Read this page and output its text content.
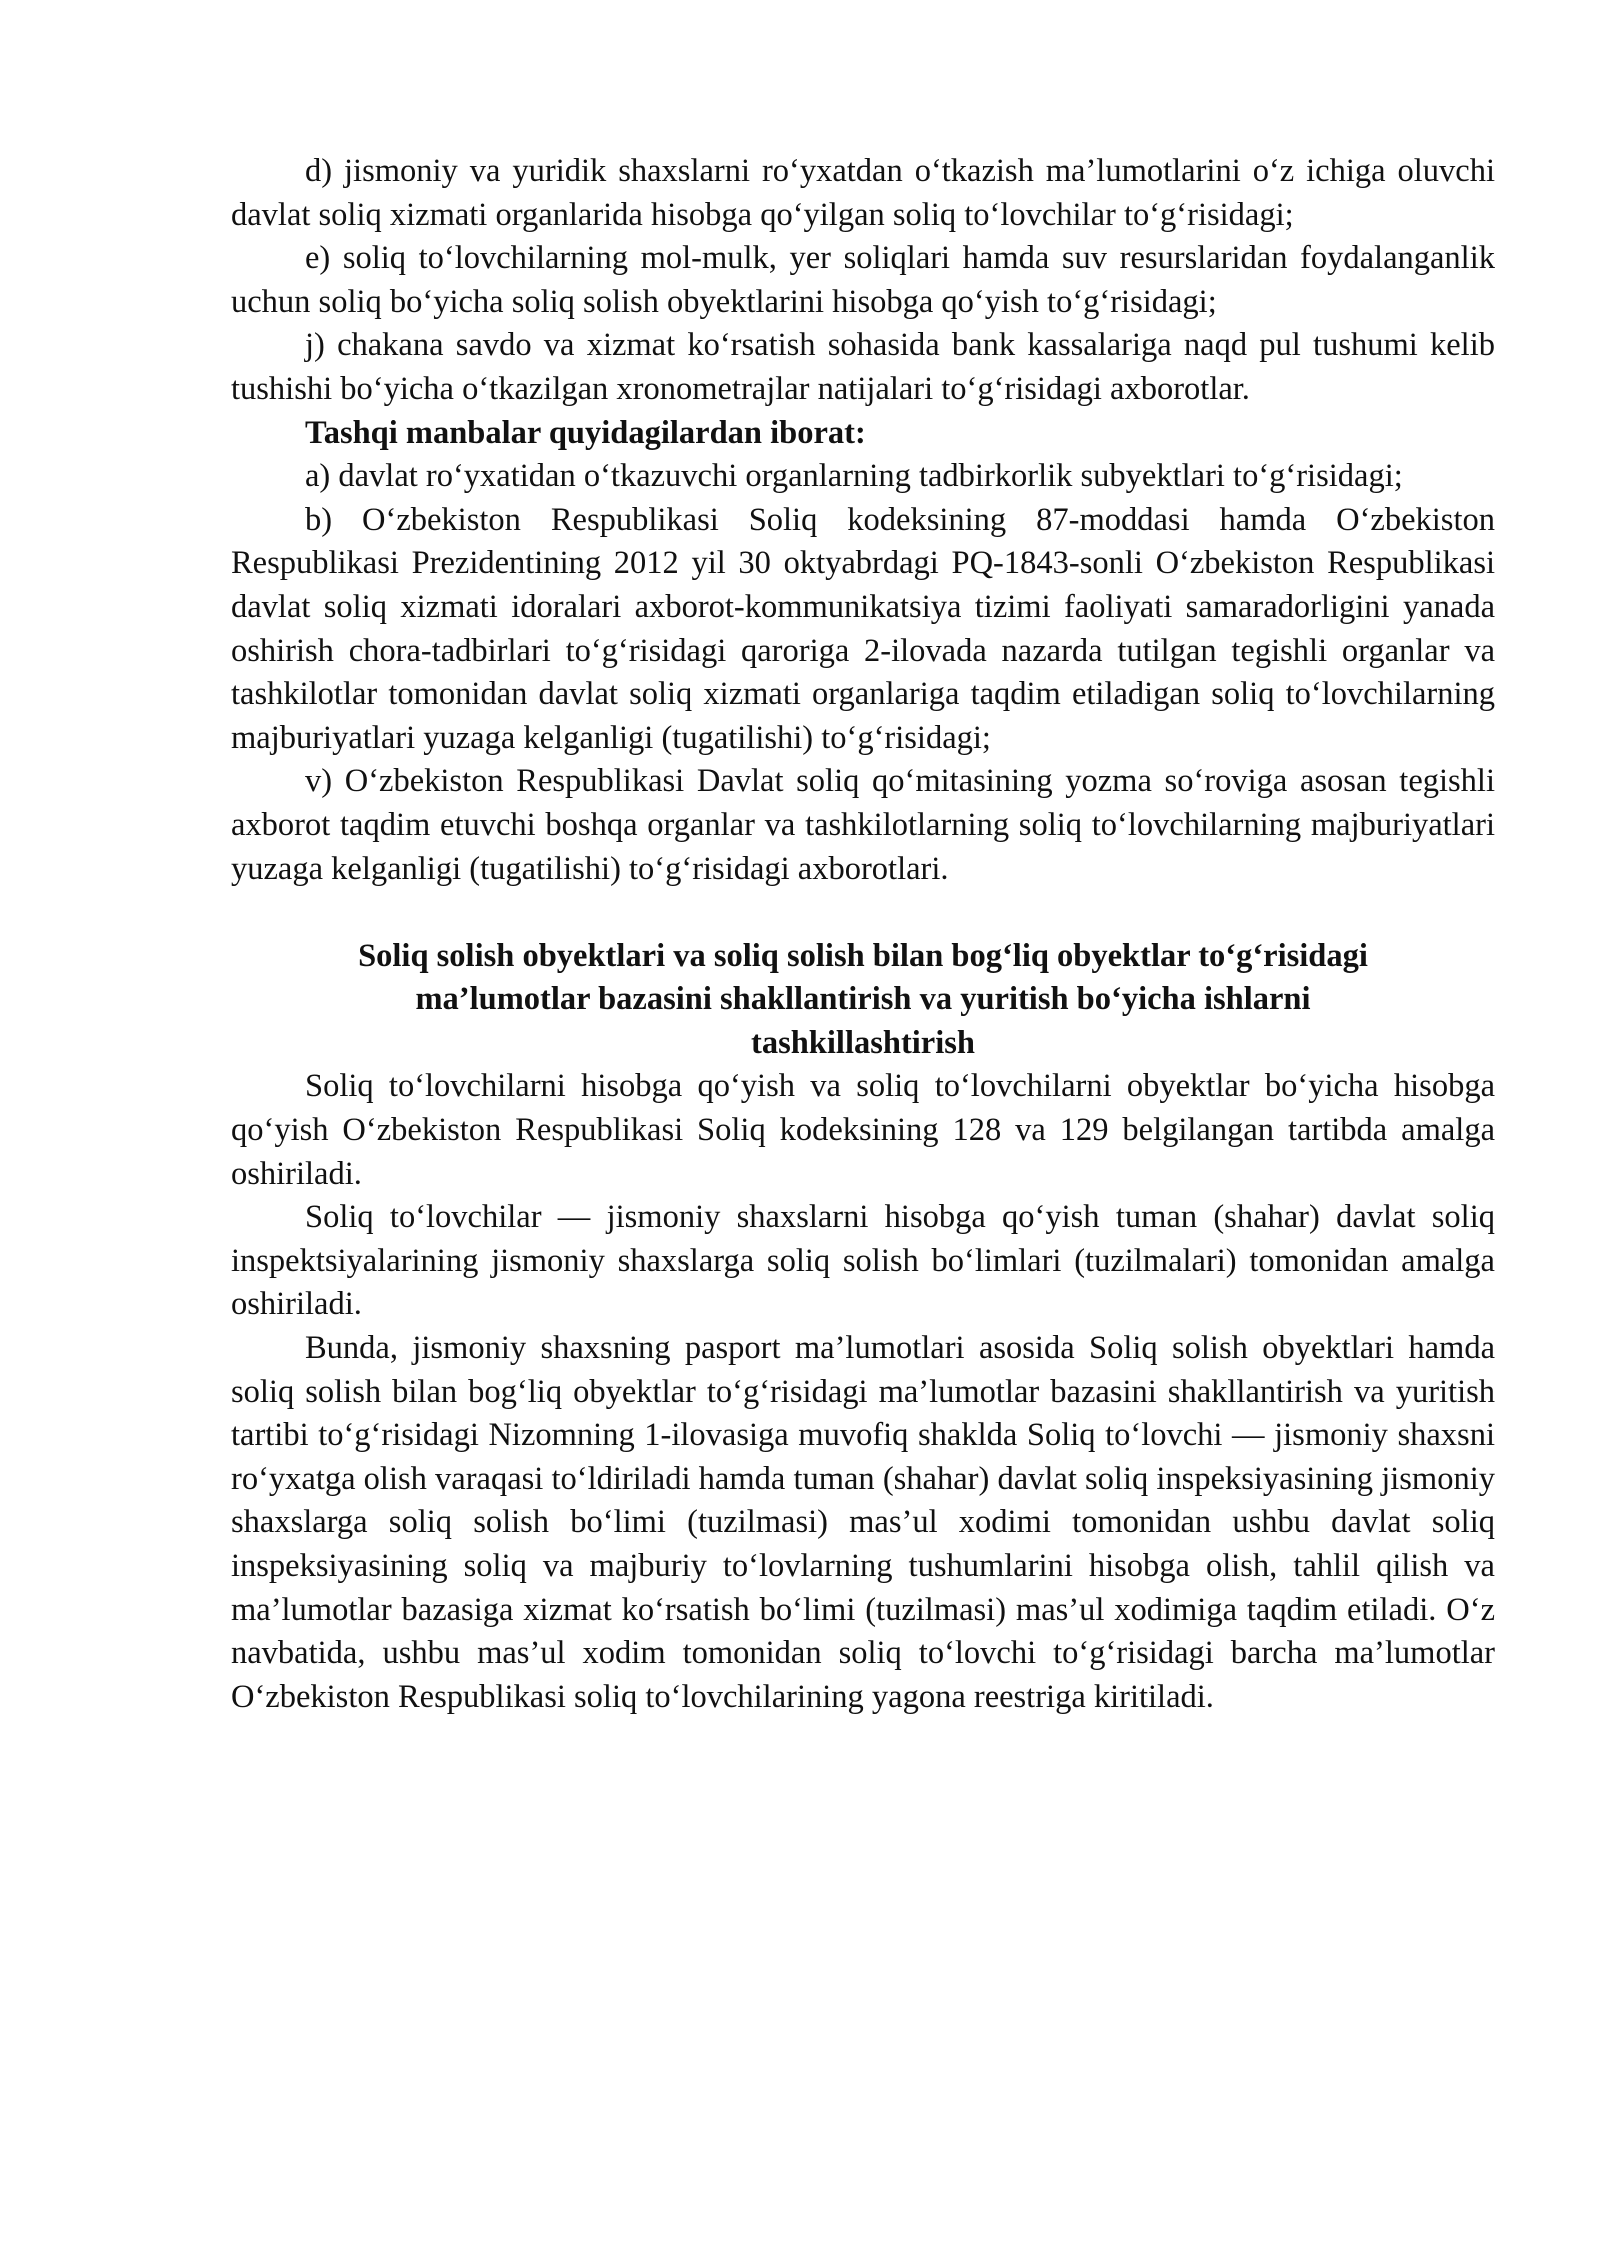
d) jismoniy va yuridik shaxslarni ro‘yxatdan o‘tkazish ma’lumotlarini o‘z ichiga oluvchi davlat soliq xizmati organlarida hisobga qo‘yilgan soliq to‘lovchilar to‘g‘risidagi;

e) soliq to‘lovchilarning mol-mulk, yer soliqlari hamda suv resurslaridan foydalanganlik uchun soliq bo‘yicha soliq solish obyektlarini hisobga qo‘yish to‘g‘risidagi;

j) chakana savdo va xizmat ko‘rsatish sohasida bank kassalariga naqd pul tushumi kelib tushishi bo‘yicha o‘tkazilgan xronometrajlar natijalari to‘g‘risidagi axborotlar.

Tashqi manbalar quyidagilardan iborat:

a) davlat ro‘yxatidan o‘tkazuvchi organlarning tadbirkorlik subyektlari to‘g‘risidagi;

b) O‘zbekiston Respublikasi Soliq kodeksining 87-moddasi hamda O‘zbekiston Respublikasi Prezidentining 2012 yil 30 oktyabrdagi PQ-1843-sonli O‘zbekiston Respublikasi davlat soliq xizmati idoralari axborot-kommunikatsiya tizimi faoliyati samaradorligini yanada oshirish chora-tadbirlari to‘g‘risidagi qaroriga 2-ilovada nazarda tutilgan tegishli organlar va tashkilotlar tomonidan davlat soliq xizmati organlariga taqdim etiladigan soliq to‘lovchilarning majburiyatlari yuzaga kelganligi (tugatilishi) to‘g‘risidagi;

v) O‘zbekiston Respublikasi Davlat soliq qo‘mitasining yozma so‘roviga asosan tegishli axborot taqdim etuvchi boshqa organlar va tashkilotlarning soliq to‘lovchilarning majburiyatlari yuzaga kelganligi (tugatilishi) to‘g‘risidagi axborotlari.

Soliq solish obyektlari va soliq solish bilan bog‘liq obyektlar to‘g‘risidagi
ma’lumotlar bazasini shakllantirish va yuritish bo‘yicha ishlarni
tashkillashtirish

Soliq to‘lovchilarni hisobga qo‘yish va soliq to‘lovchilarni obyektlar bo‘yicha hisobga qo‘yish O‘zbekiston Respublikasi Soliq kodeksining 128 va 129 belgilangan tartibda amalga oshiriladi.

Soliq to‘lovchilar — jismoniy shaxslarni hisobga qo‘yish tuman (shahar) davlat soliq inspektsiyalarining jismoniy shaxslarga soliq solish bo‘limlari (tuzilmalari) tomonidan amalga oshiriladi.

Bunda, jismoniy shaxsning pasport ma’lumotlari asosida Soliq solish obyektlari hamda soliq solish bilan bog‘liq obyektlar to‘g‘risidagi ma’lumotlar bazasini shakllantirish va yuritish tartibi to‘g‘risidagi Nizomning 1-ilovasiga muvofiq shaklda Soliq to‘lovchi — jismoniy shaxsni ro‘yxatga olish varaqasi to‘ldiriladi hamda tuman (shahar) davlat soliq inspeksiyasining jismoniy shaxslarga soliq solish bo‘limi (tuzilmasi) mas’ul xodimi tomonidan ushbu davlat soliq inspeksiyasining soliq va majburiy to‘lovlarning tushumlarini hisobga olish, tahlil qilish va ma’lumotlar bazasiga xizmat ko‘rsatish bo‘limi (tuzilmasi) mas’ul xodimiga taqdim etiladi. O‘z navbatida, ushbu mas’ul xodim tomonidan soliq to‘lovchi to‘g‘risidagi barcha ma’lumotlar O‘zbekiston Respublikasi soliq to‘lovchilarining yagona reestriga kiritiladi.
